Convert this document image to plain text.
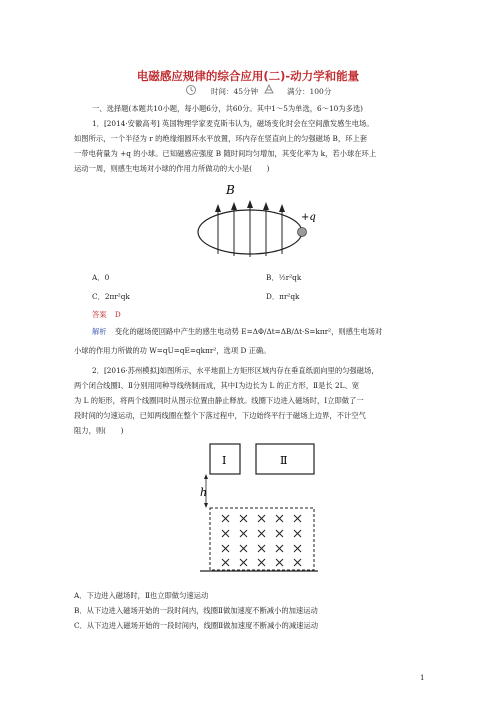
电磁感应规律的综合应用(二)-动力学和能量
时间：45分钟	满分：100分
一、选择题(本题共10小题，每小题6分，共60分。其中1～5为单选，6～10为多选)
1．[2014·安徽高考] 英国物理学家麦克斯韦认为，磁场变化时会在空间激发感生电场。
如图所示，一个半径为 r 的绝缘细圆环水平放置，环内存在竖直向上的匀强磁场 B，环上套
一带电荷量为 +q 的小球。已知磁感应强度 B 随时间均匀增加，其变化率为 k，若小球在环上
运动一周，则感生电场对小球的作用力所做功的大小是(　　)
B
+q
A．0	B．½r²qk
C．2πr²qk	D．πr²qk
答案 D
解析 变化的磁场使回路中产生的感生电动势 E=ΔΦ/Δt=ΔB/Δt·S=kπr²，则感生电场对
小球的作用力所做的功 W=qU=qE=qkπr²，选项 D 正确。
2．[2016·苏州模拟]如图所示，水平地面上方矩形区域内存在垂直纸面向里的匀强磁场，
两个闭合线圈Ⅰ、Ⅱ分别用同种导线绕制而成，其中Ⅰ为边长为 L 的正方形，Ⅱ是长 2L、宽
为 L 的矩形，将两个线圈同时从图示位置由静止释放。线圈下边进入磁场时，Ⅰ立即做了一
段时间的匀速运动，已知两线圈在整个下落过程中，下边始终平行于磁场上边界，不计空气
阻力，则(　　)
Ⅰ	Ⅱ
h
A．下边进入磁场时，Ⅱ也立即做匀速运动
B．从下边进入磁场开始的一段时间内，线圈Ⅱ做加速度不断减小的加速运动
C．从下边进入磁场开始的一段时间内，线圈Ⅱ做加速度不断减小的减速运动
1
